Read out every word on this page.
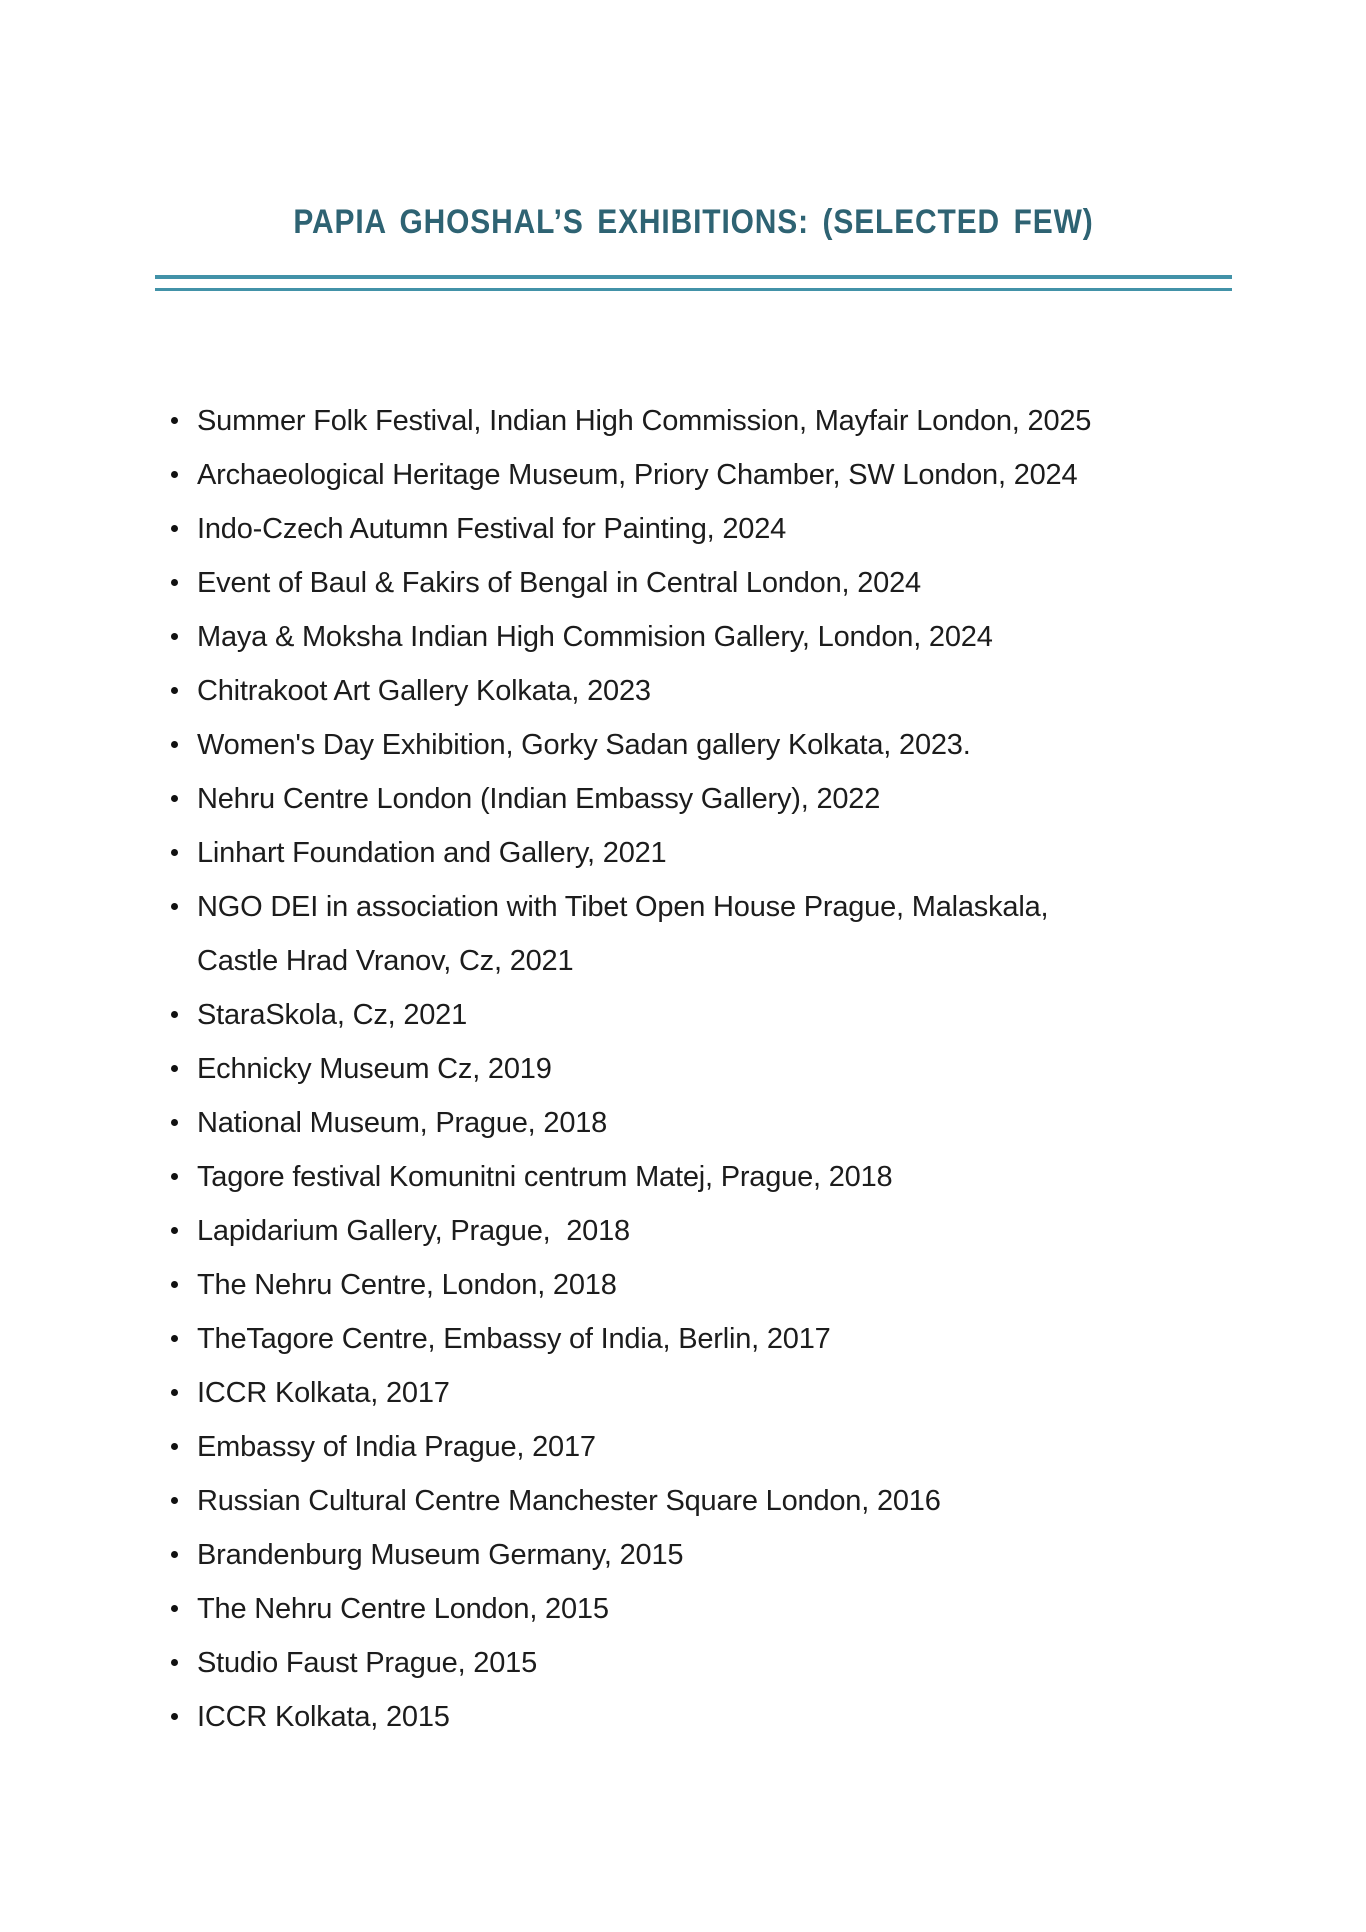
PAPIA GHOSHAL’S EXHIBITIONS: (SELECTED FEW)
Summer Folk Festival, Indian High Commission, Mayfair London, 2025
Archaeological Heritage Museum, Priory Chamber, SW London, 2024
Indo-Czech Autumn Festival for Painting, 2024
Event of Baul & Fakirs of Bengal in Central London, 2024
Maya & Moksha Indian High Commision Gallery, London, 2024
Chitrakoot Art Gallery Kolkata, 2023
Women's Day Exhibition, Gorky Sadan gallery Kolkata, 2023.
Nehru Centre London (Indian Embassy Gallery), 2022
Linhart Foundation and Gallery, 2021
NGO DEI in association with Tibet Open House Prague, Malaskala,
Castle Hrad Vranov, Cz, 2021
StaraSkola, Cz, 2021
Echnicky Museum Cz, 2019
National Museum, Prague, 2018
Tagore festival Komunitni centrum Matej, Prague, 2018
Lapidarium Gallery, Prague,  2018
The Nehru Centre, London, 2018
TheTagore Centre, Embassy of India, Berlin, 2017
ICCR Kolkata, 2017
Embassy of India Prague, 2017
Russian Cultural Centre Manchester Square London, 2016
Brandenburg Museum Germany, 2015
The Nehru Centre London, 2015
Studio Faust Prague, 2015
ICCR Kolkata, 2015
